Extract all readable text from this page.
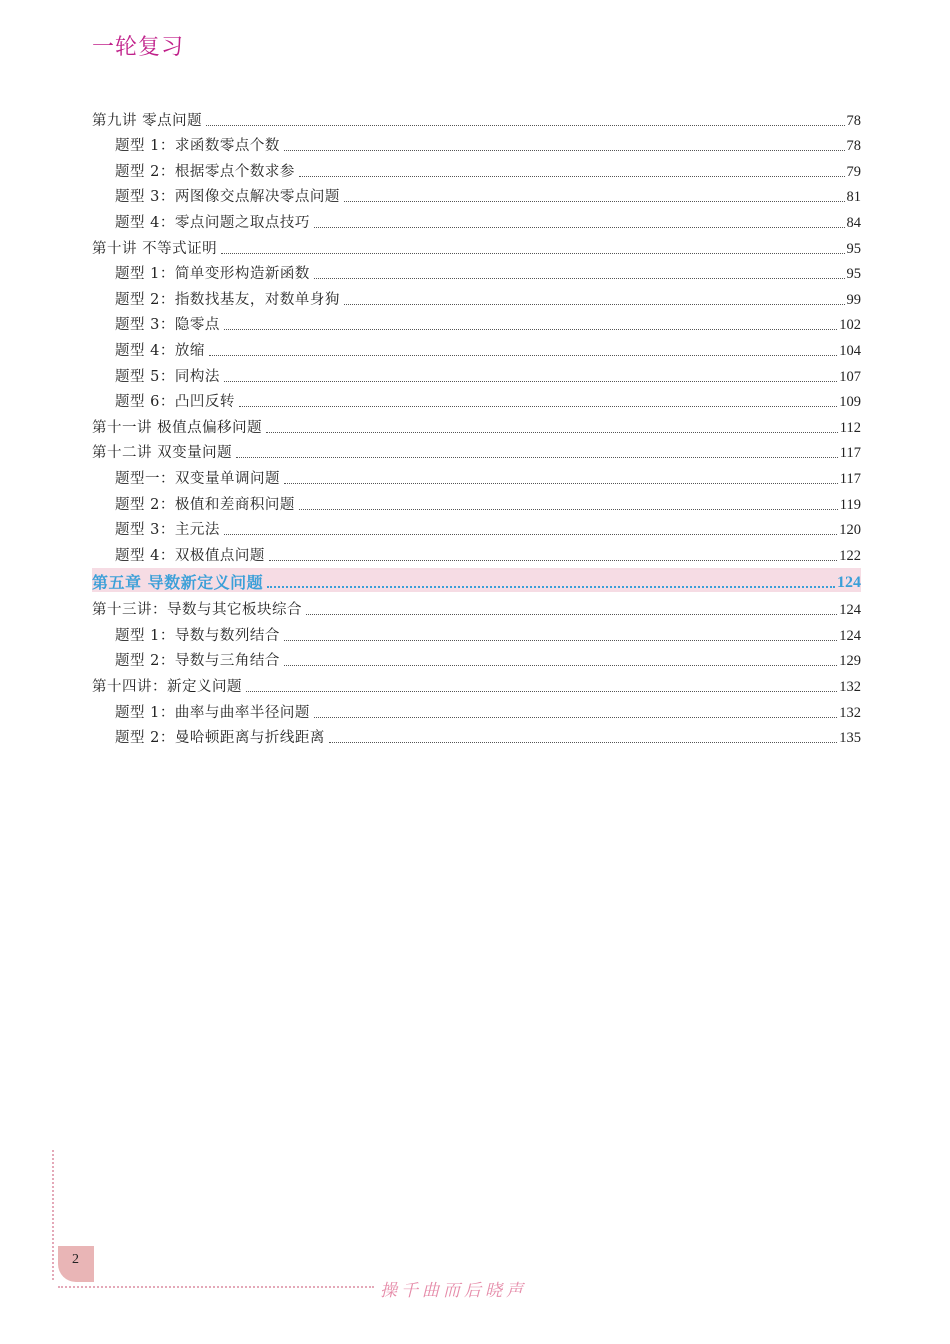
一轮复习
第九讲 零点问题	78
题型 1：求函数零点个数	78
题型 2：根据零点个数求参	79
题型 3：两图像交点解决零点问题	81
题型 4：零点问题之取点技巧	84
第十讲 不等式证明	95
题型 1：简单变形构造新函数	95
题型 2：指数找基友，对数单身狗	99
题型 3：隐零点	102
题型 4：放缩	104
题型 5：同构法	107
题型 6：凸凹反转	109
第十一讲 极值点偏移问题	112
第十二讲 双变量问题	117
题型一：双变量单调问题	117
题型 2：极值和差商积问题	119
题型 3：主元法	120
题型 4：双极值点问题	122
第五章 导数新定义问题	124
第十三讲：导数与其它板块综合	124
题型 1：导数与数列结合	124
题型 2：导数与三角结合	129
第十四讲：新定义问题	132
题型 1：曲率与曲率半径问题	132
题型 2：曼哈顿距离与折线距离	135
2
操千曲而后晓声
